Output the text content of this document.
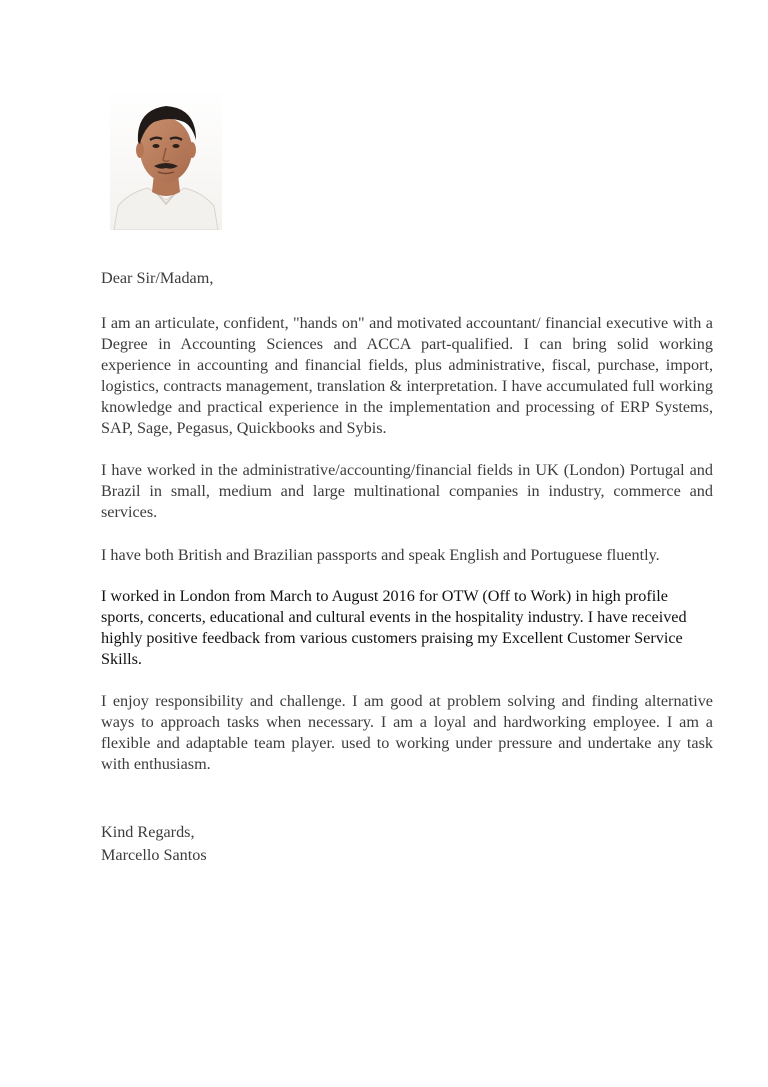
Dear Sir/Madam,

I am an articulate, confident, "hands on" and motivated accountant/ financial executive with a Degree in Accounting Sciences and ACCA part-qualified. I can bring solid working experience in accounting and financial fields, plus administrative, fiscal, purchase, import, logistics, contracts management, translation & interpretation. I have accumulated full working knowledge and practical experience in the implementation and processing of ERP Systems, SAP, Sage, Pegasus, Quickbooks and Sybis.

I have worked in the administrative/accounting/financial fields in UK (London) Portugal and Brazil in small, medium and large multinational companies in industry, commerce and services.

I have both British and Brazilian passports and speak English and Portuguese fluently.

I worked in London from March to August 2016 for OTW (Off to Work) in high profile sports, concerts, educational and cultural events in the hospitality industry. I have received highly positive feedback from various customers praising my Excellent Customer Service Skills.

I enjoy responsibility and challenge. I am good at problem solving and finding alternative ways to approach tasks when necessary. I am a loyal and hardworking employee. I am a flexible and adaptable team player. used to working under pressure and undertake any task with enthusiasm.

Kind Regards,

Marcello Santos
